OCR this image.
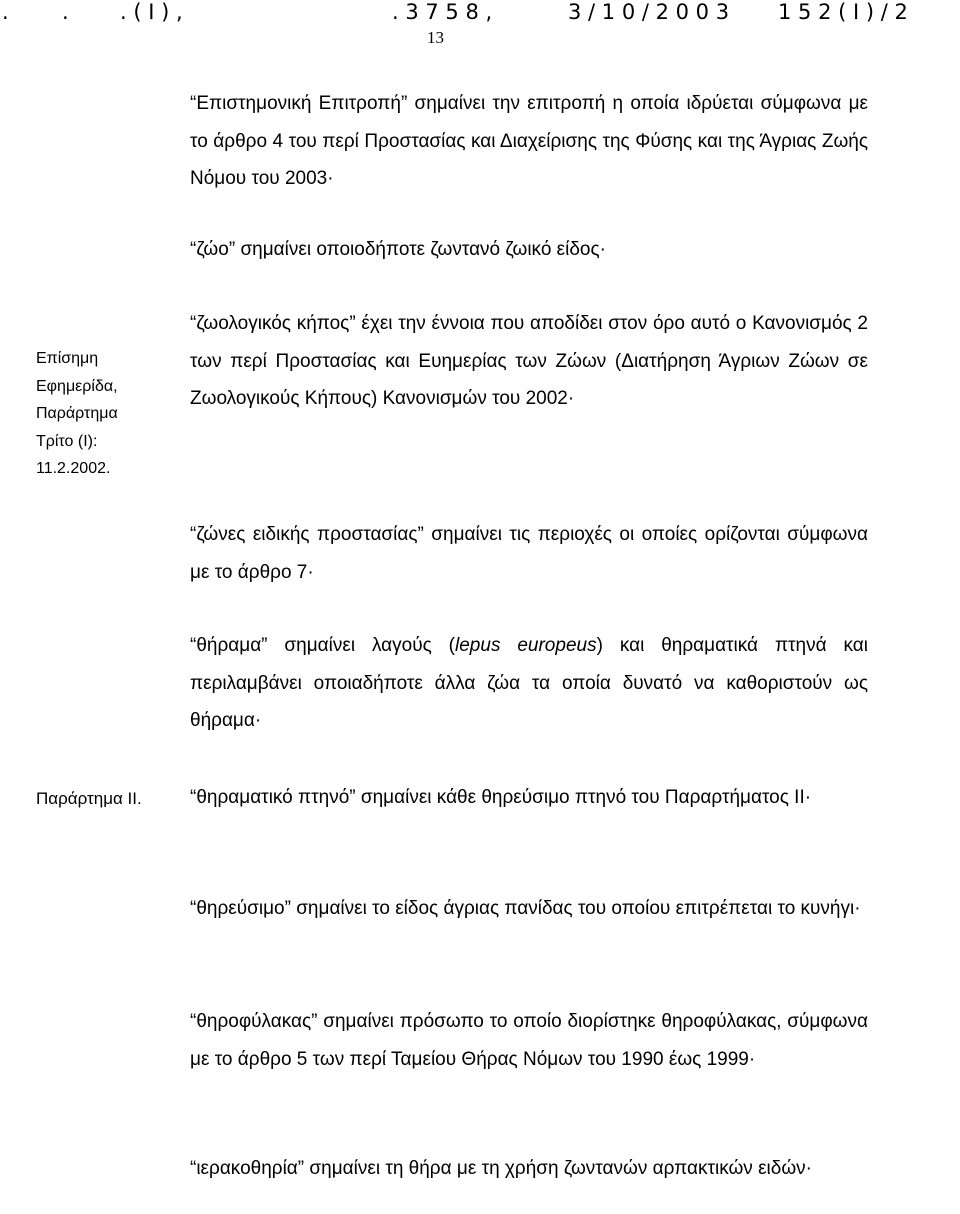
.

	.

. ( Ι ) ,

	. 3 7 5 8 ,

	3 / 1 0 / 2 0 0 3

1 5 2 ( Ι ) / 2

13

“Επιστημονική Επιτροπή” σημαίνει την επιτροπή η οποία ιδρύεται σύμφωνα με το άρθρο 4 του περί Προστασίας και Διαχείρισης της Φύσης και της Άγριας Ζωής Νόμου του 2003·

“ζώο” σημαίνει οποιοδήποτε ζωντανό ζωικό είδος·

“ζωολογικός κήπος” έχει την έννοια που αποδίδει στον όρο αυτό ο Κανονισμός 2 των περί Προστασίας και Ευημερίας των Ζώων (Διατήρηση Άγριων Ζώων σε Ζωολογικούς Κήπους) Κανονισμών του 2002·

Επίσημη
Εφημερίδα,
Παράρτημα
Τρίτο (Ι):
11.2.2002.

“ζώνες ειδικής προστασίας” σημαίνει τις περιοχές οι οποίες ορίζονται σύμφωνα με το άρθρο 7·

“θήραμα” σημαίνει λαγούς (lepus europeus) και θηραματικά πτηνά και περιλαμβάνει οποιαδήποτε άλλα ζώα τα οποία δυνατό να καθοριστούν ως θήραμα·

Παράρτημα ΙΙ.	“θηραματικό πτηνό” σημαίνει κάθε θηρεύσιμο πτηνό του Παραρτήματος ΙΙ·

“θηρεύσιμο” σημαίνει το είδος άγριας πανίδας του οποίου επιτρέπεται το κυνήγι·

“θηροφύλακας” σημαίνει πρόσωπο το οποίο διορίστηκε θηροφύλακας, σύμφωνα με το άρθρο 5 των περί Ταμείου Θήρας Νόμων του 1990 έως 1999·

“ιερακοθηρία” σημαίνει τη θήρα με τη χρήση ζωντανών αρπακτικών ειδών·
